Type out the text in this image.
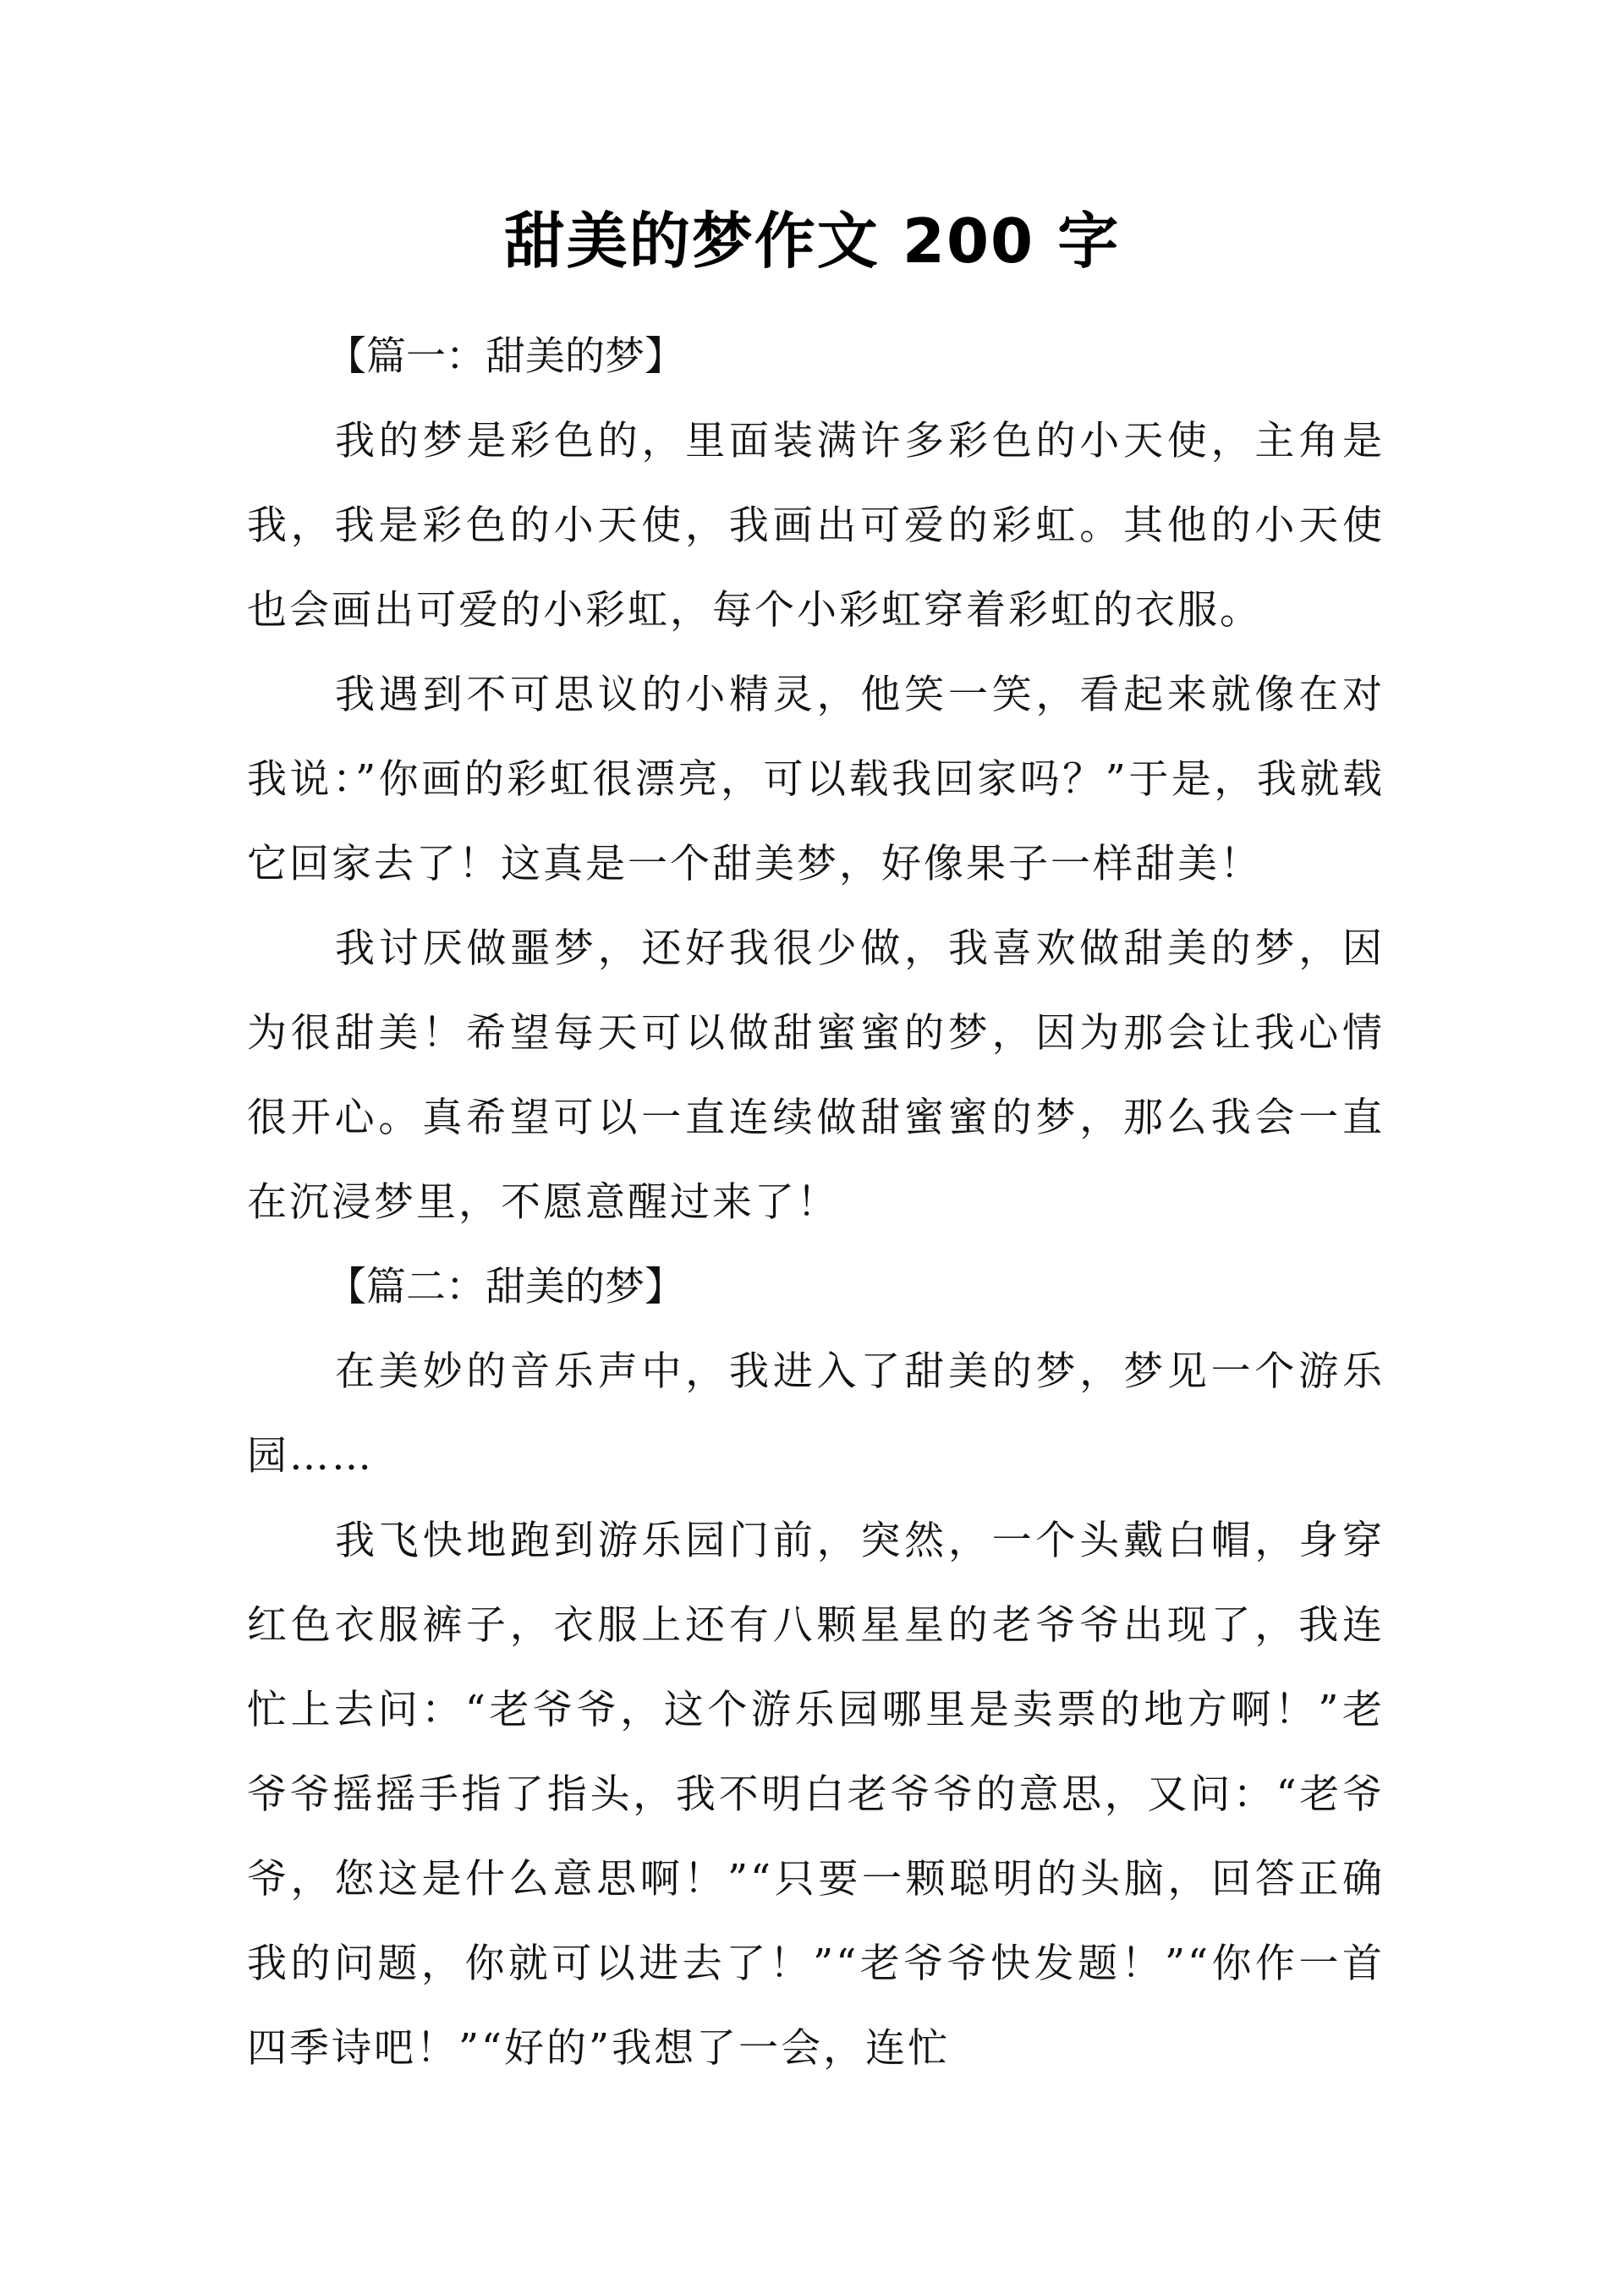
甜美的梦作文 200 字

【篇一：甜美的梦】

我的梦是彩色的，里面装满许多彩色的小天使，主角是我，我是彩色的小天使，我画出可爱的彩虹。其他的小天使也会画出可爱的小彩虹，每个小彩虹穿着彩虹的衣服。

我遇到不可思议的小精灵，他笑一笑，看起来就像在对我说：”你画的彩虹很漂亮，可以载我回家吗？”于是，我就载它回家去了！这真是一个甜美梦，好像果子一样甜美！

我讨厌做噩梦，还好我很少做，我喜欢做甜美的梦，因为很甜美！希望每天可以做甜蜜蜜的梦，因为那会让我心情很开心。真希望可以一直连续做甜蜜蜜的梦，那么我会一直在沉浸梦里，不愿意醒过来了！

【篇二：甜美的梦】

在美妙的音乐声中，我进入了甜美的梦，梦见一个游乐园……

我飞快地跑到游乐园门前，突然，一个头戴白帽，身穿红色衣服裤子，衣服上还有八颗星星的老爷爷出现了，我连忙上去问：“老爷爷，这个游乐园哪里是卖票的地方啊！”老爷爷摇摇手指了指头，我不明白老爷爷的意思，又问：“老爷爷，您这是什么意思啊！”“只要一颗聪明的头脑，回答正确我的问题，你就可以进去了！”“老爷爷快发题！”“你作一首四季诗吧！”“好的”我想了一会，连忙
